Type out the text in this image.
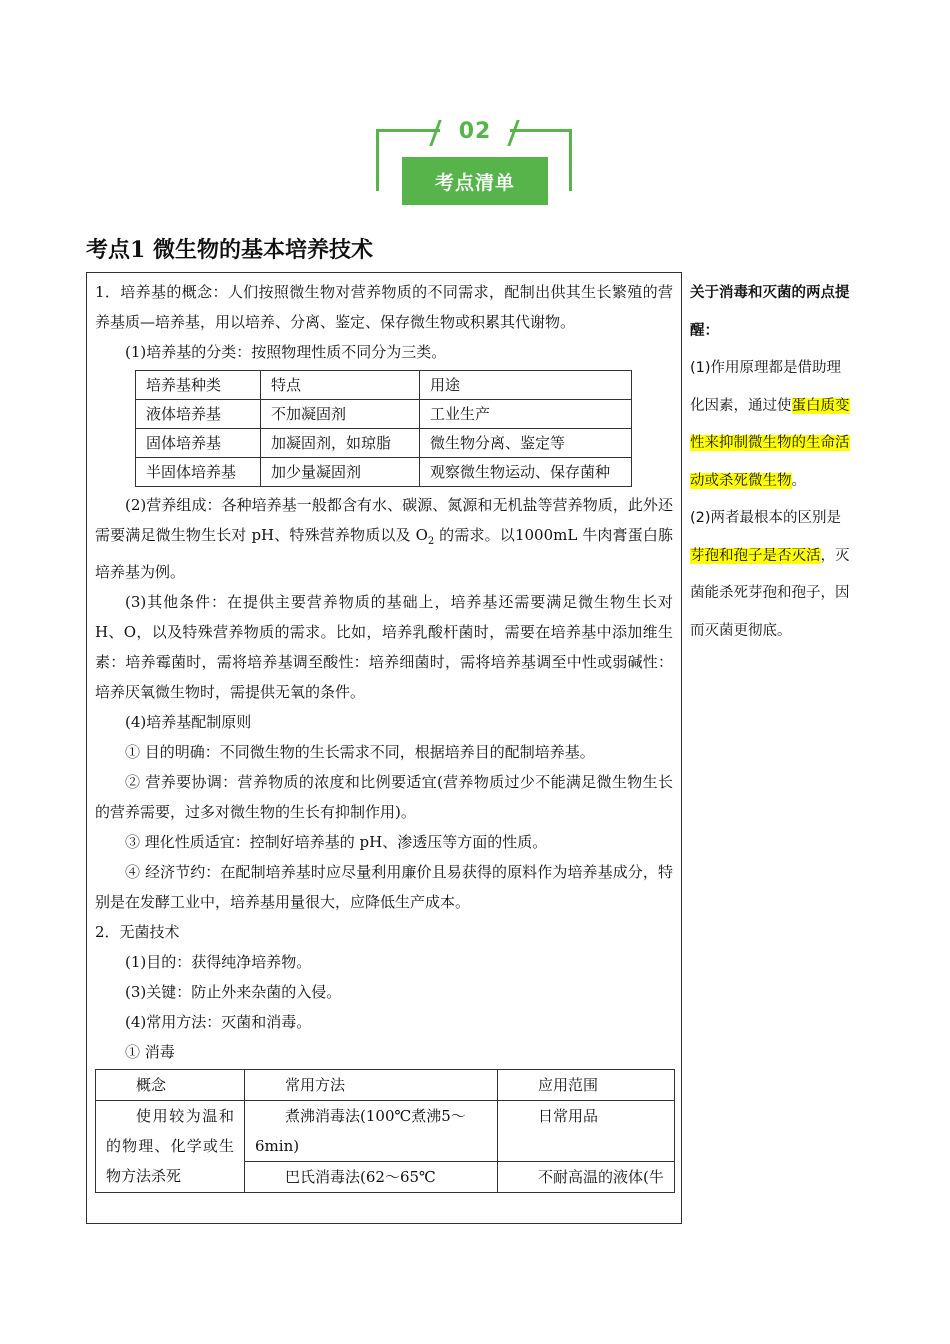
02
考点清单
考点1 微生物的基本培养技术

1．培养基的概念：人们按照微生物对营养物质的不同需求，配制出供其生长繁殖的营养基质—培养基，用以培养、分离、鉴定、保存微生物或积累其代谢物。

(1)培养基的分类：按照物理性质不同分为三类。

培养基种类	特点	用途
液体培养基	不加凝固剂	工业生产
固体培养基	加凝固剂，如琼脂	微生物分离、鉴定等
半固体培养基	加少量凝固剂	观察微生物运动、保存菌种

(2)营养组成：各种培养基一般都含有水、碳源、氮源和无机盐等营养物质，此外还需要满足微生物生长对 pH、特殊营养物质以及 $O_2$ 的需求。以1000mL 牛肉膏蛋白胨培养基为例。

(3)其他条件：在提供主要营养物质的基础上，培养基还需要满足微生物生长对 H、O，以及特殊营养物质的需求。比如，培养乳酸杆菌时，需要在培养基中添加维生素：培养霉菌时，需将培养基调至酸性：培养细菌时，需将培养基调至中性或弱碱性：培养厌氧微生物时，需提供无氧的条件。

(4)培养基配制原则

① 目的明确：不同微生物的生长需求不同，根据培养目的配制培养基。

② 营养要协调：营养物质的浓度和比例要适宜(营养物质过少不能满足微生物生长的营养需要，过多对微生物的生长有抑制作用)。

③ 理化性质适宜：控制好培养基的 pH、渗透压等方面的性质。

④ 经济节约：在配制培养基时应尽量利用廉价且易获得的原料作为培养基成分，特别是在发酵工业中，培养基用量很大，应降低生产成本。

2．无菌技术

(1)目的：获得纯净培养物。

(3)关键：防止外来杂菌的入侵。

(4)常用方法：灭菌和消毒。

① 消毒

概念	常用方法	应用范围
使用较为温和的物理、化学或生物方法杀死	煮沸消毒法(100℃煮沸5～6min)	日常用品
	巴氏消毒法(62～65℃	不耐高温的液体(牛

关于消毒和灭菌的两点提醒：

(1)作用原理都是借助理化因素，通过使蛋白质变性来抑制微生物的生命活动或杀死微生物。

(2)两者最根本的区别是芽孢和孢子是否灭活，灭菌能杀死芽孢和孢子，因而灭菌更彻底。
